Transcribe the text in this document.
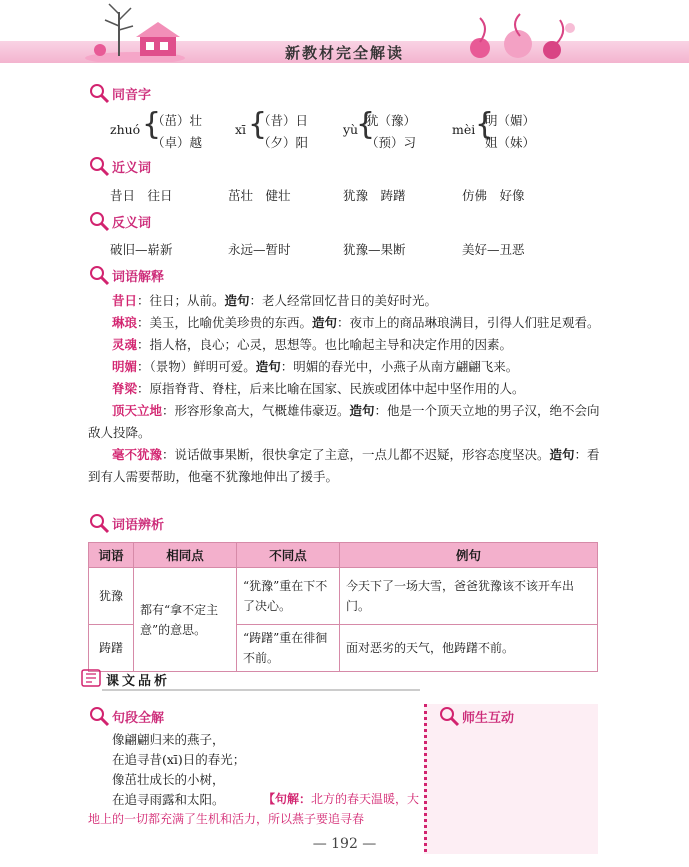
新教材完全解读
同音字
zhuó {
（茁）壮
（卓）越
xī {
（昔）日
（夕）阳
yù
{
犹（豫）
（预）习
mèi {
明（媚）
姐（妹）
近义词
昔日　往日	茁壮　健壮	犹豫　踌躇	仿佛　好像
反义词
破旧—崭新	永远—暂时	犹豫—果断	美好—丑恶
词语解释
昔日：往日；从前。造句：老人经常回忆昔日的美好时光。
琳琅：美玉，比喻优美珍贵的东西。造句：夜市上的商品琳琅满目，引得人们驻足观看。
灵魂：指人格，良心；心灵，思想等。也比喻起主导和决定作用的因素。
明媚：（景物）鲜明可爱。造句：明媚的春光中，小燕子从南方翩翩飞来。
脊梁：原指脊背、脊柱，后来比喻在国家、民族或团体中起中坚作用的人。
顶天立地：形容形象高大，气概雄伟豪迈。造句：他是一个顶天立地的男子汉，绝不会向敌人投降。
毫不犹豫：说话做事果断，很快拿定了主意，一点儿都不迟疑，形容态度坚决。造句：看到有人需要帮助，他毫不犹豫地伸出了援手。
词语辨析
词语	相同点	不同点	例句
犹豫	都有“拿不定主意”的意思。	“犹豫”重在下不了决心。	今天下了一场大雪，爸爸犹豫该不该开车出门。
踌躇		“踌躇”重在徘徊不前。	面对恶劣的天气，他踌躇不前。
课文品析
句段全解
像翩翩归来的燕子，
在追寻昔(xī)日的春光；
像茁壮成长的小树，
在追寻雨露和太阳。	【句解：北方的春天温暖，大
地上的一切都充满了生机和活力，所以燕子要追寻春
师生互动
— 192 —
